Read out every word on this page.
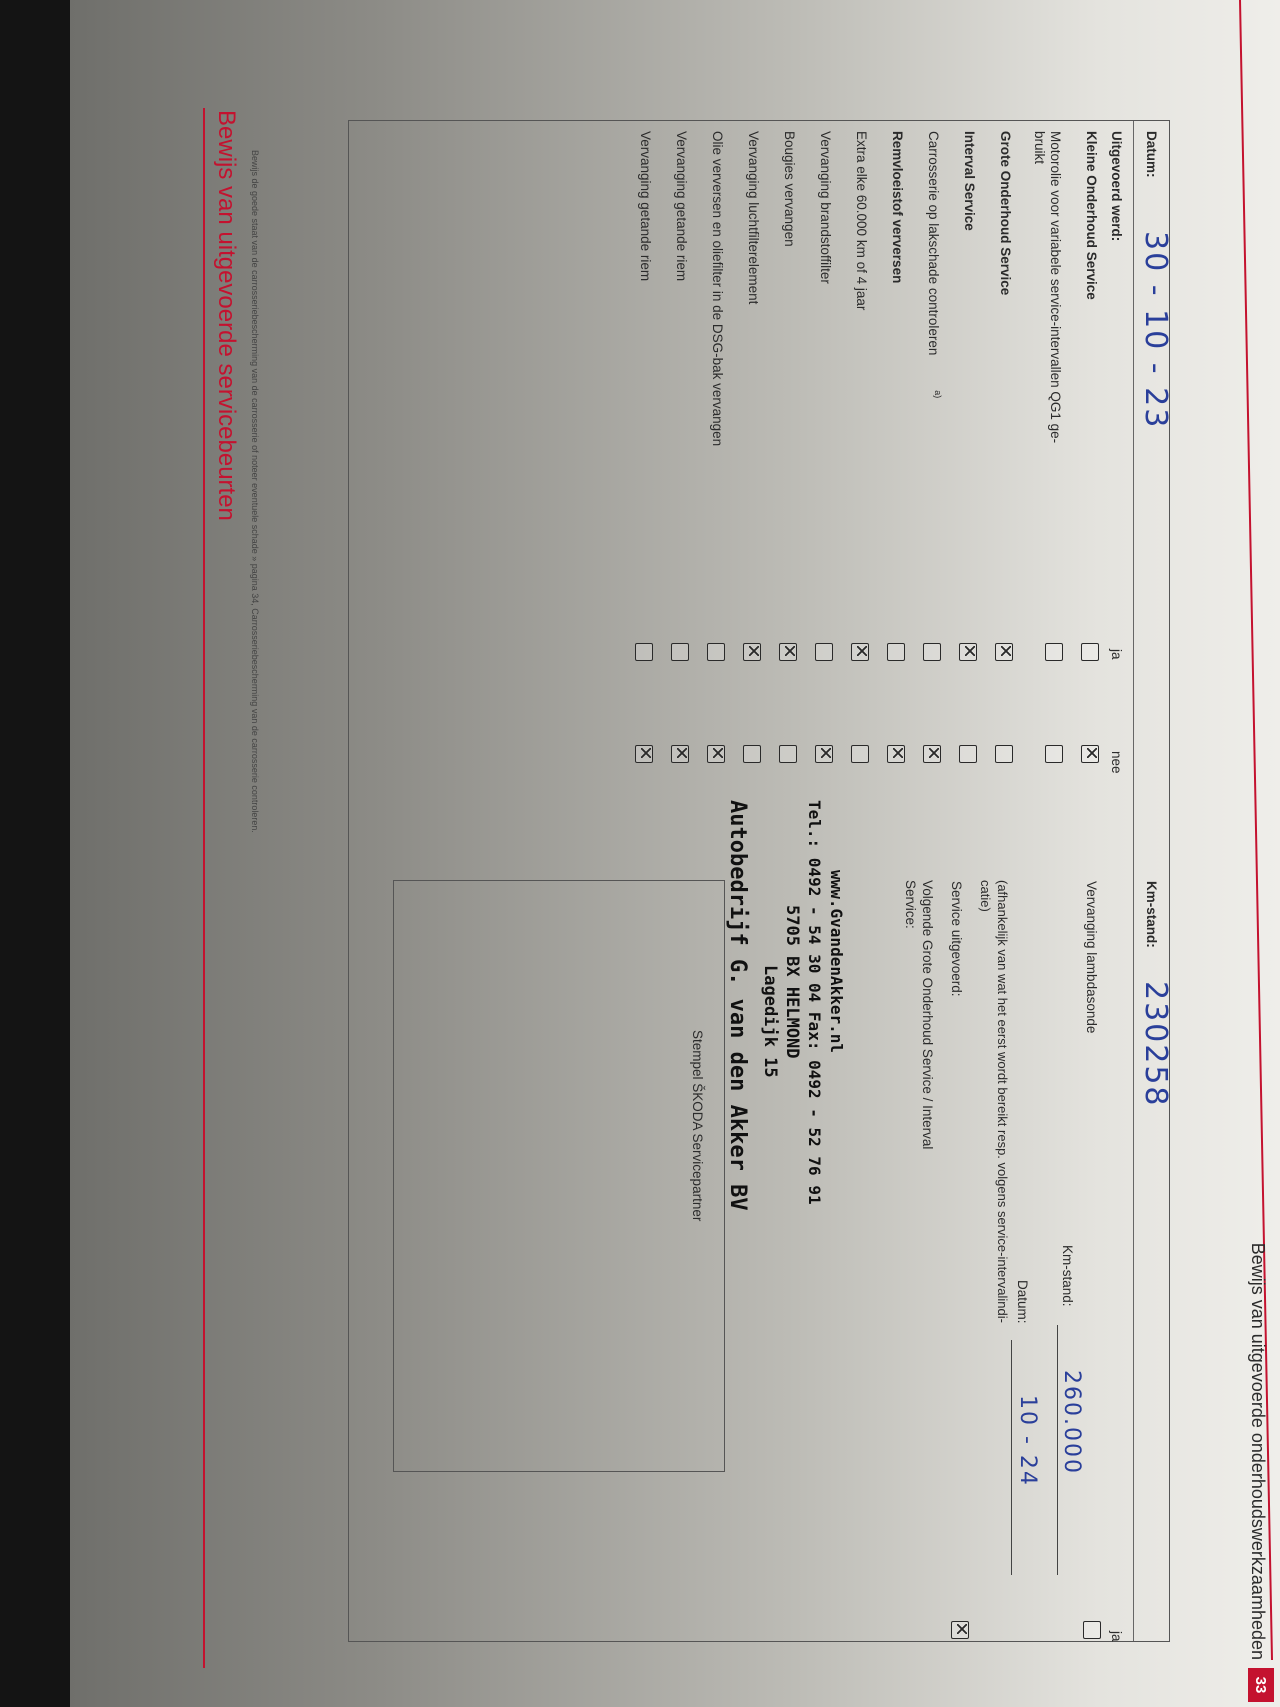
33
Bewijs van uitgevoerde onderhoudswerkzaamheden
Datum:
30 - 10 - 23
Km-stand:
230258
Uitgevoerd werd:
ja
nee
ja
Kleine Onderhoud Service
Motorolie voor variabele service-intervallen QG1 ge-
bruikt
Grote Onderhoud Service
Interval Service
Carrosserie op lakschade controleren
a)
Remvloeistof verversen
Extra elke 60.000 km of 4 jaar
Vervanging brandstoffilter
Bougies vervangen
Vervanging luchtfilterelement
Olie verversen en oliefilter in de DSG-bak vervangen
Vervanging getande riem
Vervanging getande riem
Vervanging lambdasonde
Service uitgevoerd:
Autobedrijf G. van den Akker BV Lagedijk 15 5705 BX HELMOND Tel.: 0492 - 54 30 04 Fax: 0492 - 52 76 91 www.GvandenAkker.nl
Stempel ŠKODA Servicepartner	Volgende Grote Onderhoud Service / Interval
Service:
Km-stand:
260.000
Datum:
10 - 24
(afhankelijk van wat het eerst wordt bereikt resp. volgens service-intervalindi-
catie)
Bewijs van uitgevoerde servicebeurten Bewijs de goede staat van de carrosseriebescherming van de carrosserie of noteer eventuele schade » pagina 34, Carrosseriebescherming van de carrosserie controleren.
